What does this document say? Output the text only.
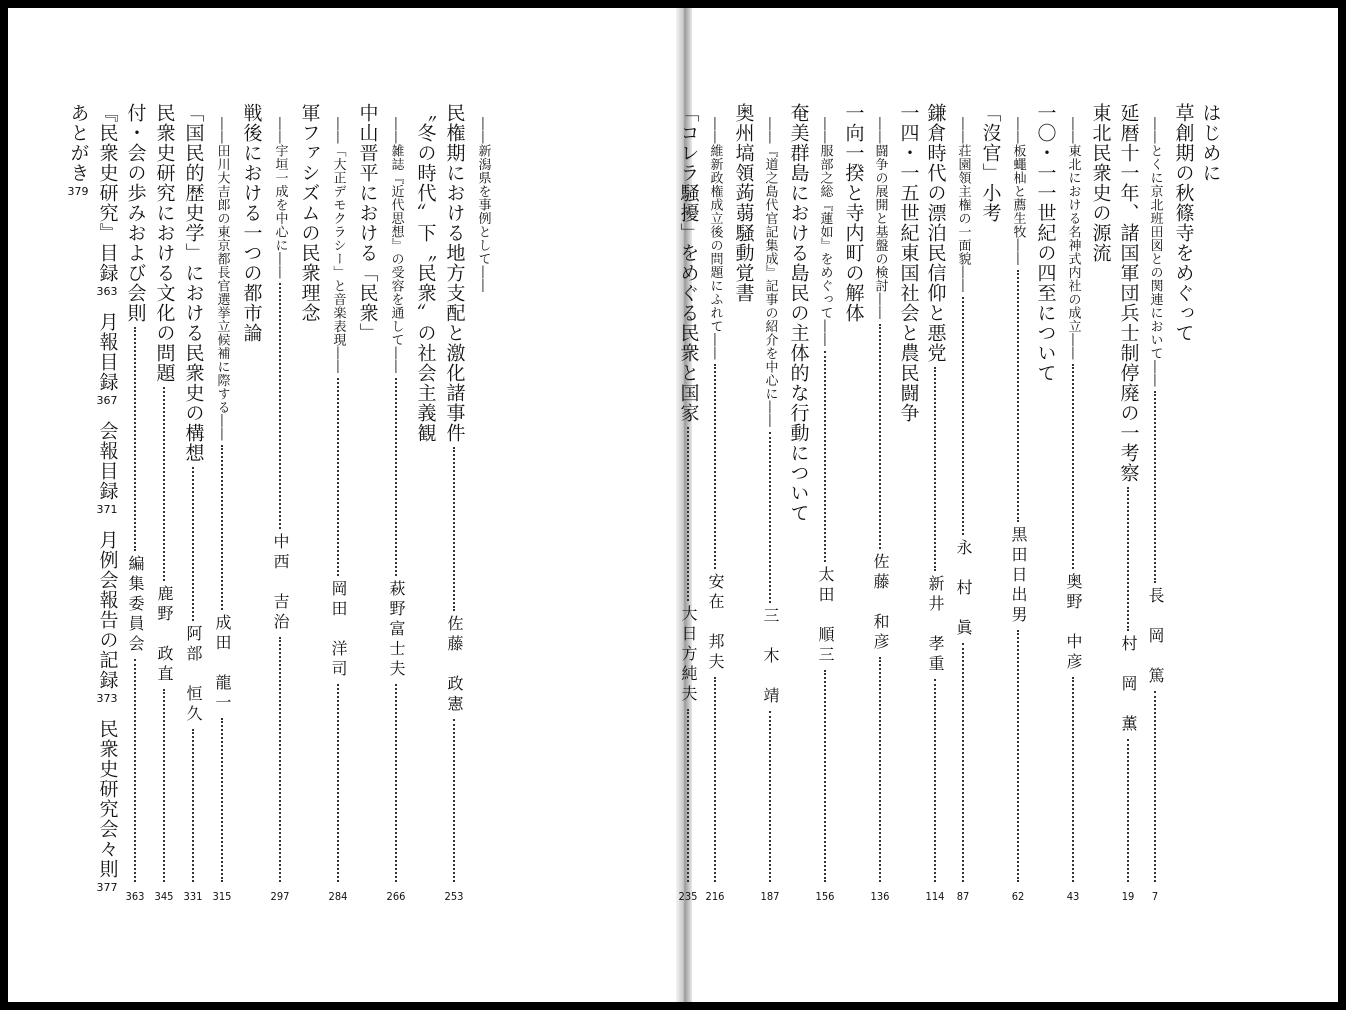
はじめに
草創期の秋篠寺をめぐって
――とくに京北班田図との関連において――
長　岡　篤
7
延暦十一年、諸国軍団兵士制停廃の一考察
村　岡　薫
19
東北民衆史の源流
――東北における名神式内社の成立――
奥野　中彦
43
一〇・一一世紀の四至について
――板蠅杣と薦生牧――
黒田日出男
62
「沒官」小考
――荘園領主権の一面貌――
永　村　眞
87
鎌倉時代の漂泊民信仰と悪党
新井　孝重
114
一四・一五世紀東国社会と農民闘争
――闘争の展開と基盤の検討――
佐藤　和彦
136
一向一揆と寺内町の解体
――服部之総『蓮如』をめぐって――
太田　順三
156
奄美群島における島民の主体的な行動について
――『道之島代官記集成』記事の紹介を中心に――
三　木　靖
187
奥州塙領蒟蒻騒動覚書
――維新政権成立後の問題にふれて――
安在　邦夫
216
「コレラ騒擾」をめぐる民衆と国家
大日方純夫
235
――新潟県を事例として――
民権期における地方支配と激化諸事件
佐藤　政憲
253
〝冬の時代〟下〝民衆〟の社会主義観
――雑誌『近代思想』の受容を通して――
萩野富士夫
266
中山晋平における「民衆」
――「大正デモクラシー」と音楽表現――
岡田　洋司
284
軍ファシズムの民衆理念
――宇垣一成を中心に――
中西　吉治
297
戦後における一つの都市論
――田川大吉郎の東京都長官選挙立候補に際する――
成田　龍一
315
「国民的歴史学」における民衆史の構想
阿部　恒久
331
民衆史研究における文化の問題
鹿野　政直
345
付・会の歩みおよび会則
編集委員会
363
『民衆史研究』目録
363
月報目録
367
会報目録
371
月例会報告の記録
373
民衆史研究会々則
377
あとがき
379
